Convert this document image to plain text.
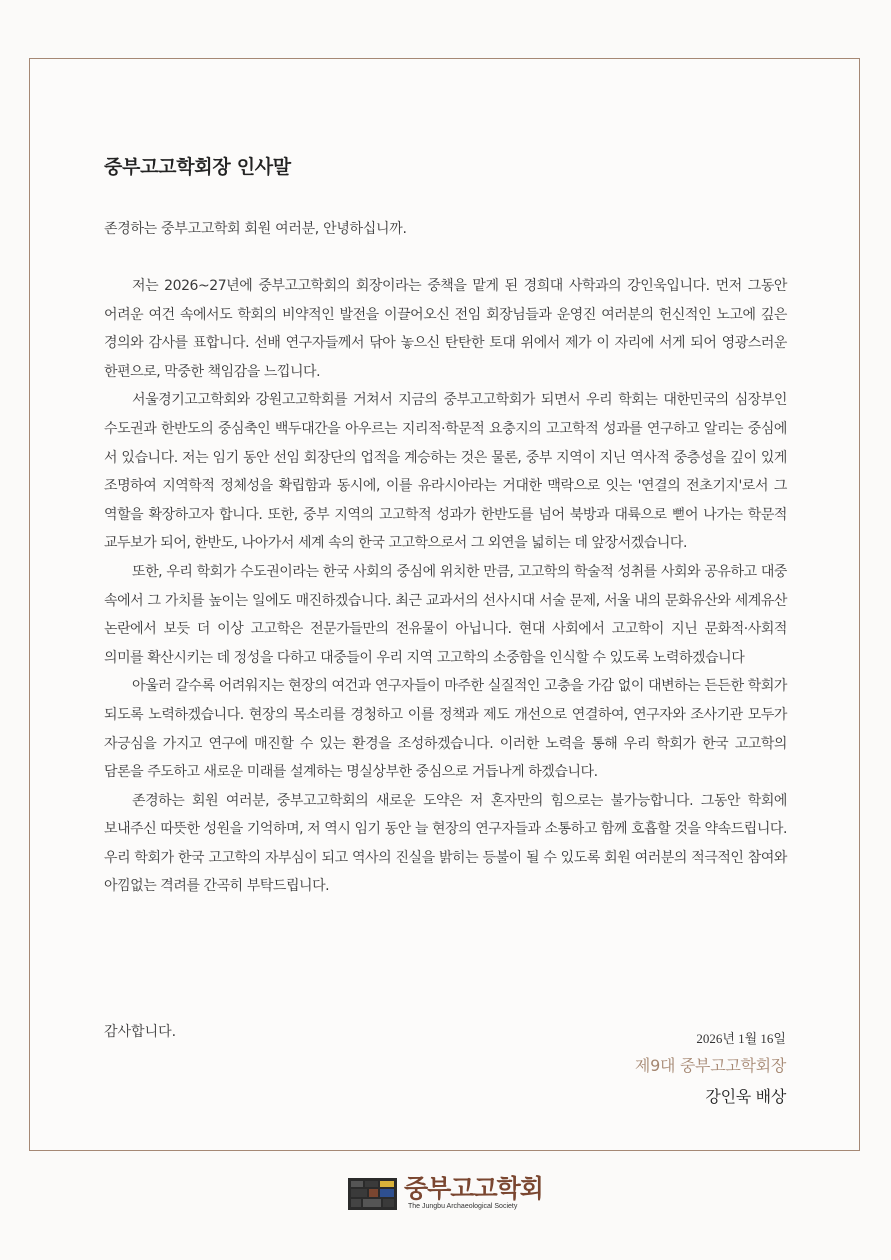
중부고고학회장 인사말

존경하는 중부고고학회 회원 여러분, 안녕하십니까.

저는 2026~27년에 중부고고학회의 회장이라는 중책을 맡게 된 경희대 사학과의 강인욱입니다. 먼저 그동안 어려운 여건 속에서도 학회의 비약적인 발전을 이끌어오신 전임 회장님들과 운영진 여러분의 헌신적인 노고에 깊은 경의와 감사를 표합니다. 선배 연구자들께서 닦아 놓으신 탄탄한 토대 위에서 제가 이 자리에 서게 되어 영광스러운 한편으로, 막중한 책임감을 느낍니다.

서울경기고고학회와 강원고고학회를 거쳐서 지금의 중부고고학회가 되면서 우리 학회는 대한민국의 심장부인 수도권과 한반도의 중심축인 백두대간을 아우르는 지리적·학문적 요충지의 고고학적 성과를 연구하고 알리는 중심에 서 있습니다. 저는 임기 동안 선임 회장단의 업적을 계승하는 것은 물론, 중부 지역이 지닌 역사적 중층성을 깊이 있게 조명하여 지역학적 정체성을 확립함과 동시에, 이를 유라시아라는 거대한 맥락으로 잇는 '연결의 전초기지'로서 그 역할을 확장하고자 합니다. 또한, 중부 지역의 고고학적 성과가 한반도를 넘어 북방과 대륙으로 뻗어 나가는 학문적 교두보가 되어, 한반도, 나아가서 세계 속의 한국 고고학으로서 그 외연을 넓히는 데 앞장서겠습니다.

또한, 우리 학회가 수도권이라는 한국 사회의 중심에 위치한 만큼, 고고학의 학술적 성취를 사회와 공유하고 대중 속에서 그 가치를 높이는 일에도 매진하겠습니다. 최근 교과서의 선사시대 서술 문제, 서울 내의 문화유산와 세계유산 논란에서 보듯 더 이상 고고학은 전문가들만의 전유물이 아닙니다. 현대 사회에서 고고학이 지닌 문화적·사회적 의미를 확산시키는 데 정성을 다하고 대중들이 우리 지역 고고학의 소중함을 인식할 수 있도록 노력하겠습니다

아울러 갈수록 어려워지는 현장의 여건과 연구자들이 마주한 실질적인 고충을 가감 없이 대변하는 든든한 학회가 되도록 노력하겠습니다. 현장의 목소리를 경청하고 이를 정책과 제도 개선으로 연결하여, 연구자와 조사기관 모두가 자긍심을 가지고 연구에 매진할 수 있는 환경을 조성하겠습니다. 이러한 노력을 통해 우리 학회가 한국 고고학의 담론을 주도하고 새로운 미래를 설계하는 명실상부한 중심으로 거듭나게 하겠습니다.

존경하는 회원 여러분, 중부고고학회의 새로운 도약은 저 혼자만의 힘으로는 불가능합니다. 그동안 학회에 보내주신 따뜻한 성원을 기억하며, 저 역시 임기 동안 늘 현장의 연구자들과 소통하고 함께 호흡할 것을 약속드립니다. 우리 학회가 한국 고고학의 자부심이 되고 역사의 진실을 밝히는 등불이 될 수 있도록 회원 여러분의 적극적인 참여와 아낌없는 격려를 간곡히 부탁드립니다.

감사합니다.	2026년 1월 16일

제9대 중부고고학회장

강인욱 배상

중부고고학회
The Jungbu Archaeological Society
